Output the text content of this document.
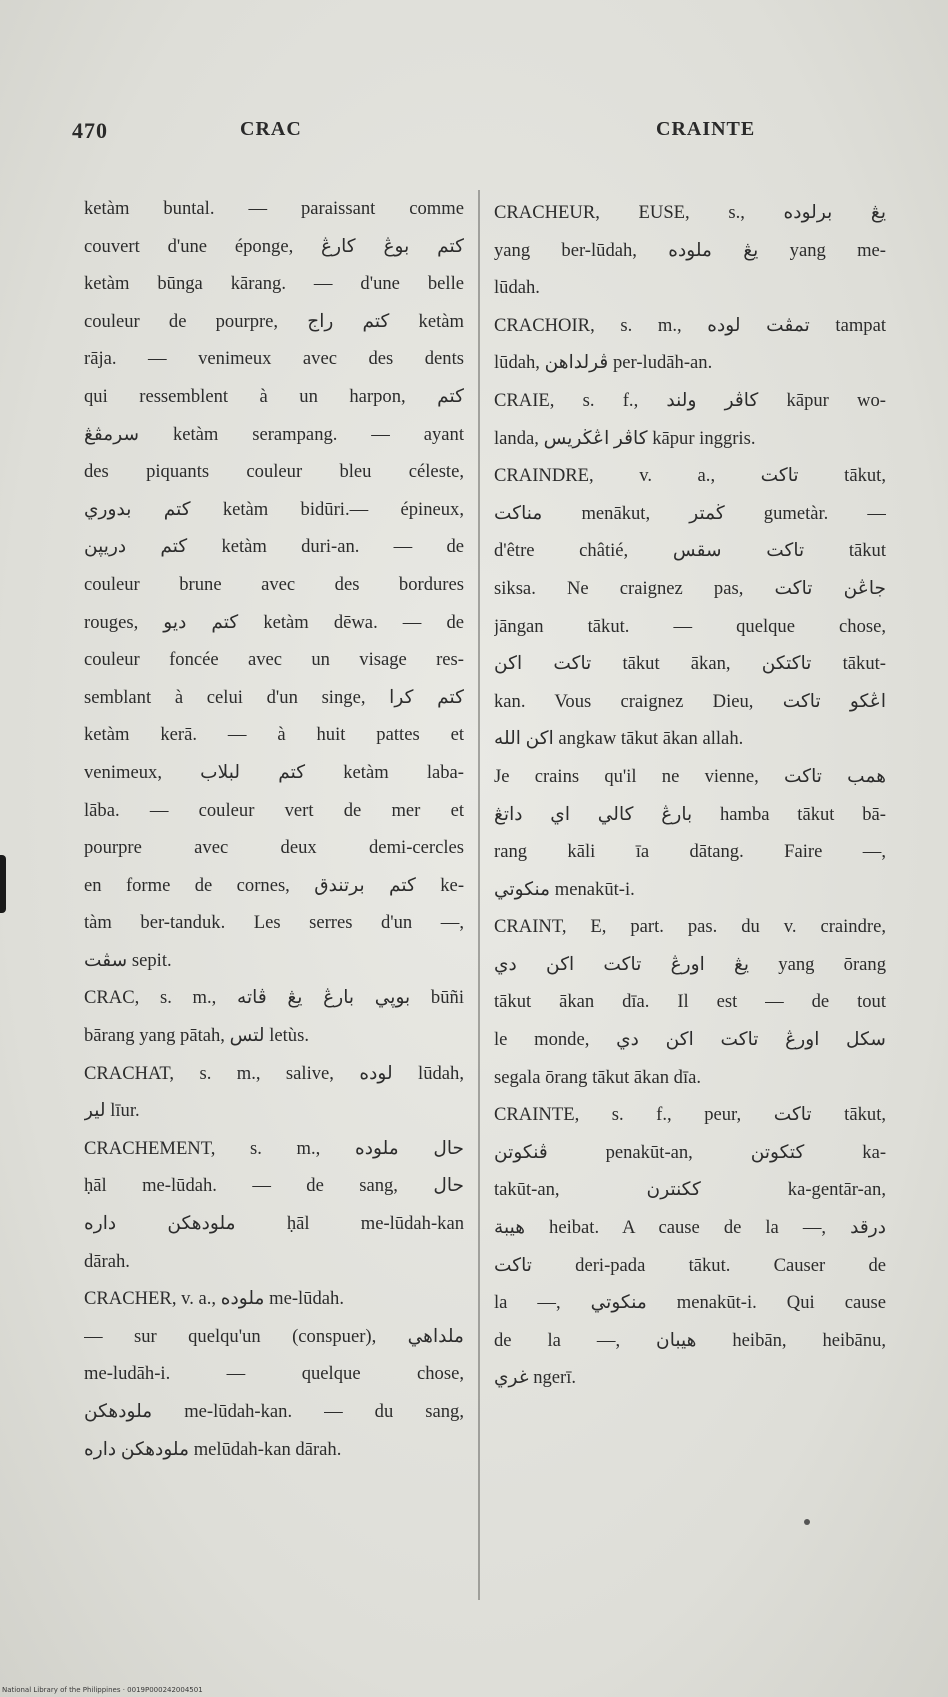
470	CRAC	CRAINTE
ketàm buntal. — paraissant comme
couvert d'une éponge, كتم بوڠ كارڠ
ketàm būnga kārang. — d'une belle
couleur de pourpre, كتم راج ketàm
rāja. — venimeux avec des dents
qui ressemblent à un harpon, كتم
سرمڤڠ ketàm serampang. — ayant
des piquants couleur bleu céleste,
كتم بدوري ketàm bidūri.— épineux,
كتم دريڽن ketàm duri-an. — de
couleur brune avec des bordures
rouges, كتم ديو ketàm dēwa. — de
couleur foncée avec un visage res-
semblant à celui d'un singe, كتم كرا
ketàm kerā. — à huit pattes et
venimeux, كتم لبلاب ketàm laba-
lāba. — couleur vert de mer et
pourpre avec deux demi-cercles
en forme de cornes, كتم برتندق ke-
tàm ber-tanduk. Les serres d'un —,
سڤت sepit.
CRAC, s. m., بوڽي بارڠ يڠ ڤاته būñi
bārang yang pātah, لتس letùs.
CRACHAT, s. m., salive, لوده lūdah,
لير līur.
CRACHEMENT, s. m., حال ملوده
ḥāl me-lūdah. — de sang, حال
ملودهكن داره ḥāl me-lūdah-kan
dārah.
CRACHER, v. a., ملوده me-lūdah.
— sur quelqu'un (conspuer), ملداهي
me-ludāh-i. — quelque chose,
ملودهكن me-lūdah-kan. — du sang,
ملودهكن داره melūdah-kan dārah.
CRACHEUR, EUSE, s., يڠ برلوده
yang ber-lūdah, يڠ ملوده yang me-
lūdah.
CRACHOIR, s. m., تمڤت لوده tampat
lūdah, ڤرلداهن per-ludāh-an.
CRAIE, s. f., كاڤر ولند kāpur wo-
landa, كاڤر اڠڬريس kāpur inggris.
CRAINDRE, v. a., تاكت tākut,
مناكت menākut, ڬمتر gumetàr. —
d'être châtié, تاكت سقس tākut
siksa. Ne craignez pas, جاڠن تاكت
jāngan tākut. — quelque chose,
تاكت اكن tākut ākan, تاكتكن tākut-
kan. Vous craignez Dieu, اڠكو تاكت
اكن الله angkaw tākut ākan allah.
Je crains qu'il ne vienne, همب تاكت
بارڠ كالي اي داتڠ hamba tākut bā-
rang kāli īa dātang. Faire —,
منكوتي menakūt-i.
CRAINT, E, part. pas. du v. craindre,
يڠ اورڠ تاكت اكن دي yang ōrang
tākut ākan dīa. Il est — de tout
le monde, سكل اورڠ تاكت اكن دي
segala ōrang tākut ākan dīa.
CRAINTE, s. f., peur, تاكت tākut,
ڤنكوتن penakūt-an, كتكوتن ka-
takūt-an, ككنترن ka-gentār-an,
هيبة heibat. A cause de la —, درقد
تاكت deri-pada tākut. Causer de
la —, منكوتي menakūt-i. Qui cause
de la —, هيبان heibān, heibānu,
غري ngerī.
National Library of the Philippines · 0019P000242004501
